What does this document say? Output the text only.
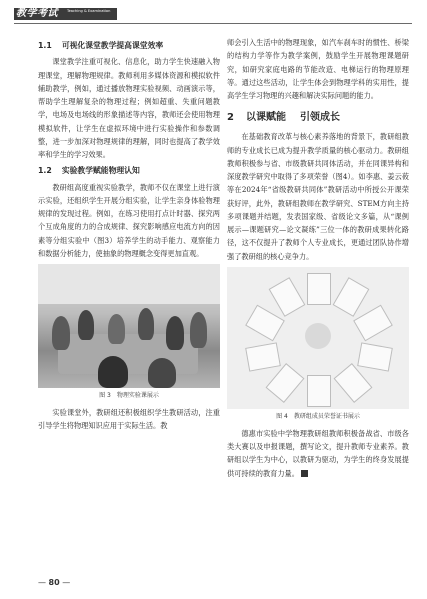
教学考试	Teaching & Examination
1.1 可视化课堂教学提高课堂效率

课堂教学注重可视化、信息化，助力学生快速融入物理课堂，理解物理规律。教师利用多媒体资源和模拟软件辅助教学，例如，通过播放物理实验视频、动画演示等，帮助学生理解复杂的物理过程；例如超重、失重问题教学，电场及电场线的形象描述等内容，教师还会使用物理模拟软件，让学生在虚拟环境中进行实验操作和参数调整，进一步加深对物理规律的理解，同时也提高了教学效率和学生的学习效果。

1.2 实验教学赋能物理认知

教研组高度重视实验教学，教师不仅在课堂上进行演示实验，还组织学生开展分组实验，让学生亲身体验物理规律的发现过程。例如，在练习使用打点计时器、探究两个互成角度的力的合成规律、探究影响感应电流方向的因素等分组实验中（图3）培养学生的动手能力、观察能力和数据分析能力，使抽象的物理概念变得更加直观。

图 3　物理实验课展示

实验课堂外，教研组还积极组织学生教研活动，注重引导学生将物理知识应用于实际生活。教

师会引入生活中的物理现象，如汽车刹车时的惯性、桥梁的结构力学等作为教学案例，鼓励学生开展物理课题研究，如研究家庭电路的节能改造、电梯运行的物理原理等。通过这些活动，让学生体会到物理学科的实用性，提高学生学习物理的兴趣和解决实际问题的能力。

2 以课赋能 引领成长

在基础教育改革与核心素养落地的背景下，教研组教师的专业成长已成为提升教学质量的核心驱动力。教研组教师积极参与省、市级教研共同体活动，并在同课异构和深度教学研究中取得了多项荣誉（图4）。如李惠、姜云莜等在2024年“省级教研共同体”教研活动中所授公开课荣获好评，此外，教研组教师在教学研究、STEM方向主持多项课题并结题，发表国家级、省级论文多篇，从“课例展示—课题研究—论文凝练”三位一体的教研成果转化路径，这不仅提升了教师个人专业成长，更通过团队协作增强了教研组的核心竞争力。

图 4　教研组成员荣誉证书展示

德惠市实验中学物理教研组教师积极备战省、市级各类大赛以及申报课题，撰写论文，提升教师专业素养。教研组以学生为中心，以教研为驱动，为学生的终身发展提供可持续的教育力量。

— 80 —
